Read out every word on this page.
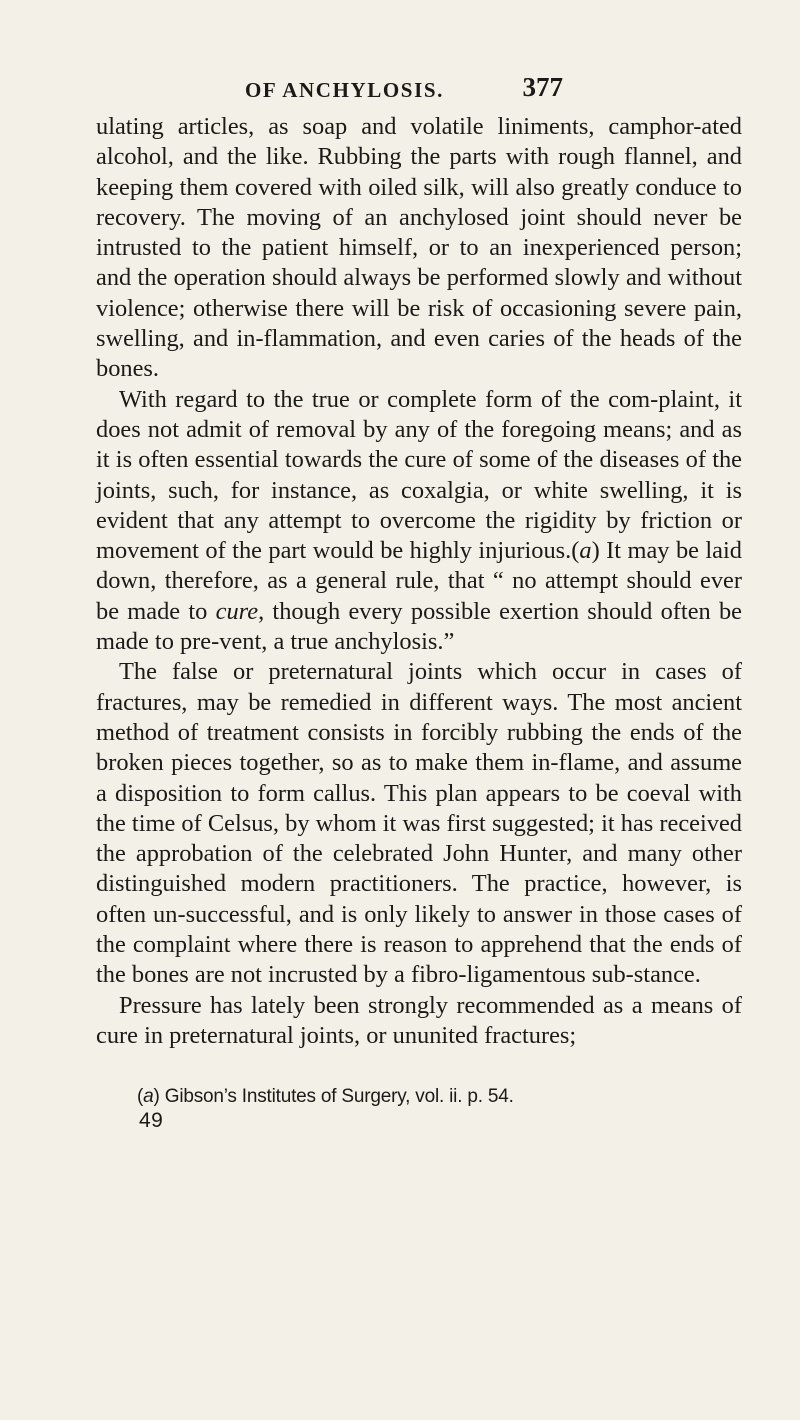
OF ANCHYLOSIS.	377

ulating articles, as soap and volatile liniments, camphor-ated alcohol, and the like. Rubbing the parts with rough flannel, and keeping them covered with oiled silk, will also greatly conduce to recovery. The moving of an anchylosed joint should never be intrusted to the patient himself, or to an inexperienced person; and the operation should always be performed slowly and without violence; otherwise there will be risk of occasioning severe pain, swelling, and in-flammation, and even caries of the heads of the bones.

With regard to the true or complete form of the com-plaint, it does not admit of removal by any of the foregoing means; and as it is often essential towards the cure of some of the diseases of the joints, such, for instance, as coxalgia, or white swelling, it is evident that any attempt to overcome the rigidity by friction or movement of the part would be highly injurious.(a) It may be laid down, therefore, as a general rule, that “ no attempt should ever be made to cure, though every possible exertion should often be made to pre-vent, a true anchylosis.”

The false or preternatural joints which occur in cases of fractures, may be remedied in different ways. The most ancient method of treatment consists in forcibly rubbing the ends of the broken pieces together, so as to make them in-flame, and assume a disposition to form callus. This plan appears to be coeval with the time of Celsus, by whom it was first suggested; it has received the approbation of the celebrated John Hunter, and many other distinguished modern practitioners. The practice, however, is often un-successful, and is only likely to answer in those cases of the complaint where there is reason to apprehend that the ends of the bones are not incrusted by a fibro-ligamentous sub-stance.

Pressure has lately been strongly recommended as a means of cure in preternatural joints, or ununited fractures;

(a) Gibson’s Institutes of Surgery, vol. ii. p. 54.
49
